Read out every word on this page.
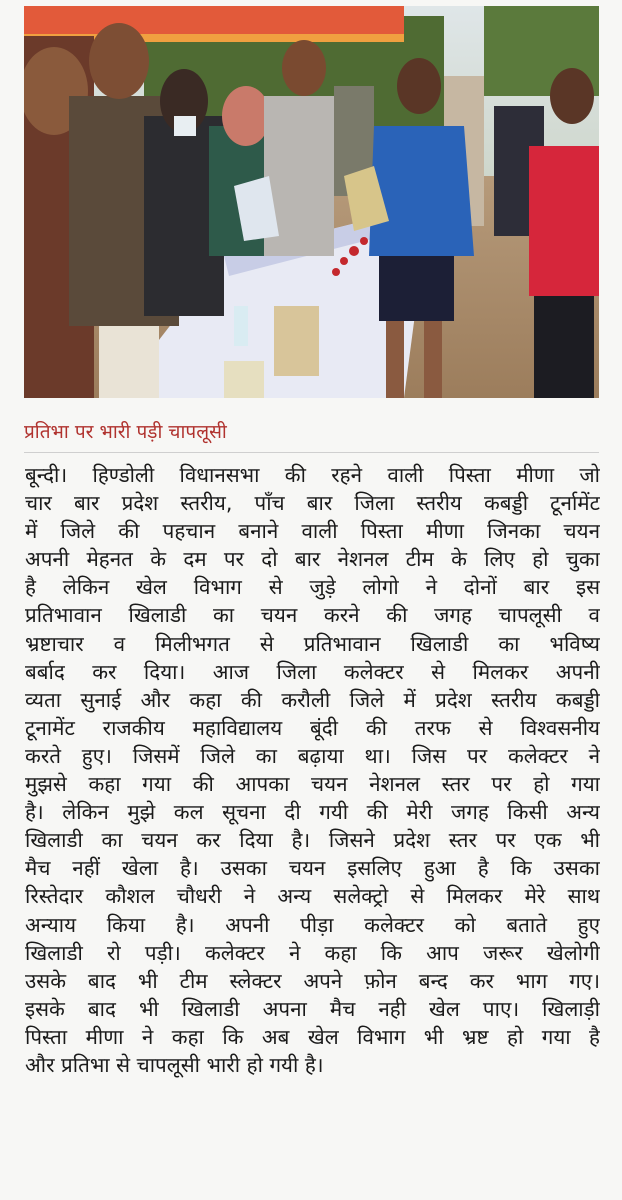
प्रतिभा पर भारी पड़ी चापलूसी
बून्दी। हिण्डोली विधानसभा की रहने वाली पिस्ता मीणा जो
चार बार प्रदेश स्तरीय, पाँच बार जिला स्तरीय कबड्डी टूर्नामेंट
में जिले की पहचान बनाने वाली पिस्ता मीणा जिनका चयन
अपनी मेहनत के दम पर दो बार नेशनल टीम के लिए हो चुका
है लेकिन खेल विभाग से जुड़े लोगो ने दोनों बार इस
प्रतिभावान खिलाडी का चयन करने की जगह चापलूसी व
भ्रष्टाचार व मिलीभगत से प्रतिभावान खिलाडी का भविष्य
बर्बाद कर दिया। आज जिला कलेक्टर से मिलकर अपनी
व्यता सुनाई और कहा की करौली जिले में प्रदेश स्तरीय कबड्डी
टूनामेंट राजकीय महाविद्यालय बूंदी की तरफ से विश्वसनीय
करते हुए। जिसमें जिले का बढ़ाया था। जिस पर कलेक्टर ने
मुझसे कहा गया की आपका चयन नेशनल स्तर पर हो गया
है। लेकिन मुझे कल सूचना दी गयी की मेरी जगह किसी अन्य
खिलाडी का चयन कर दिया है। जिसने प्रदेश स्तर पर एक भी
मैच नहीं खेला है। उसका चयन इसलिए हुआ है कि उसका
रिस्तेदार कौशल चौधरी ने अन्य सलेक्ट्रो से मिलकर मेरे साथ
अन्याय किया है। अपनी पीड़ा कलेक्टर को बताते हुए
खिलाडी रो पड़ी। कलेक्टर ने कहा कि आप जरूर खेलोगी
उसके बाद भी टीम स्लेक्टर अपने फ़ोन बन्द कर भाग गए।
इसके बाद भी खिलाडी अपना मैच नही खेल पाए। खिलाड़ी
पिस्ता मीणा ने कहा कि अब खेल विभाग भी भ्रष्ट हो गया है
और प्रतिभा से चापलूसी भारी हो गयी है।
